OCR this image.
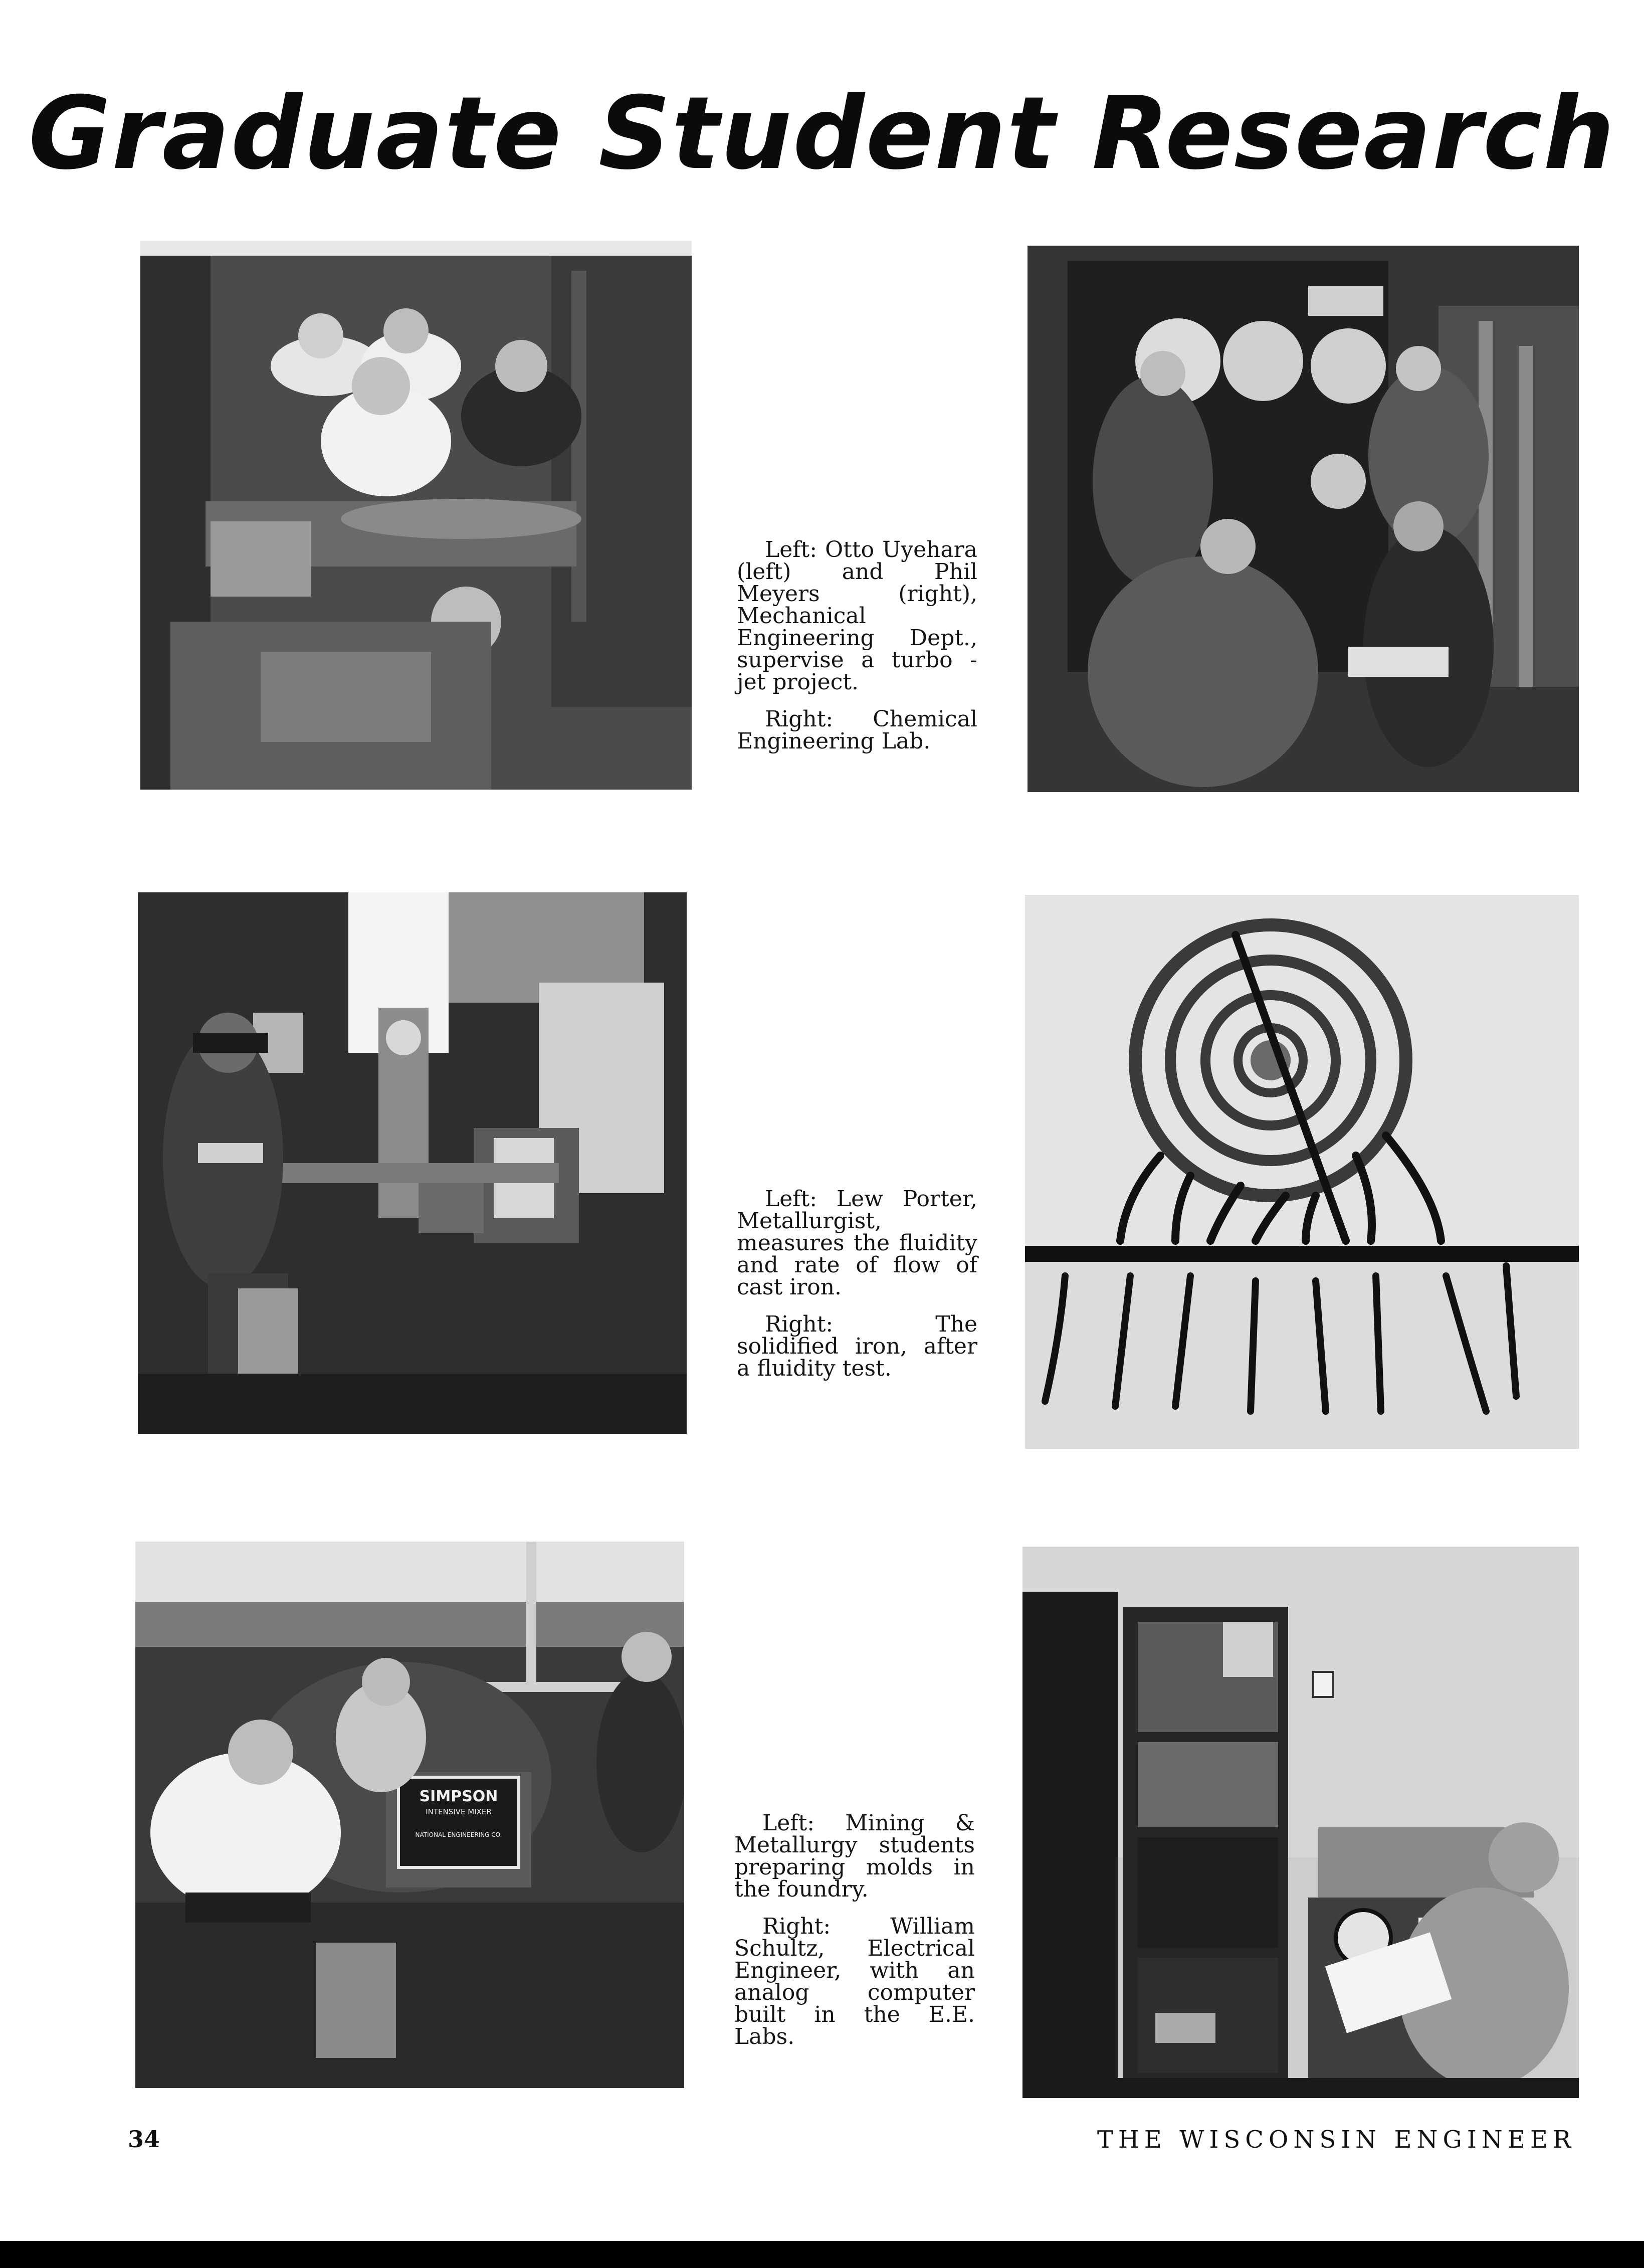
Graduate Student Research

Left: Otto Uyehara (left) and Phil Meyers (right), Mechanical Engineering Dept., supervise a turbo - jet project.

Right: Chemical Engineering Lab.

Left: Lew Porter, Metallurgist, measures the fluidity and rate of flow of cast iron.

Right: The solidified iron, after a fluidity test.

SIMPSON
INTENSIVE MIXER
NATIONAL ENGINEERING CO.	Left: Mining & Metallurgy students preparing molds in the foundry.

Right: William Schultz, Electrical Engineer, with an analog computer built in the E.E. Labs.

34	THE WISCONSIN ENGINEER
